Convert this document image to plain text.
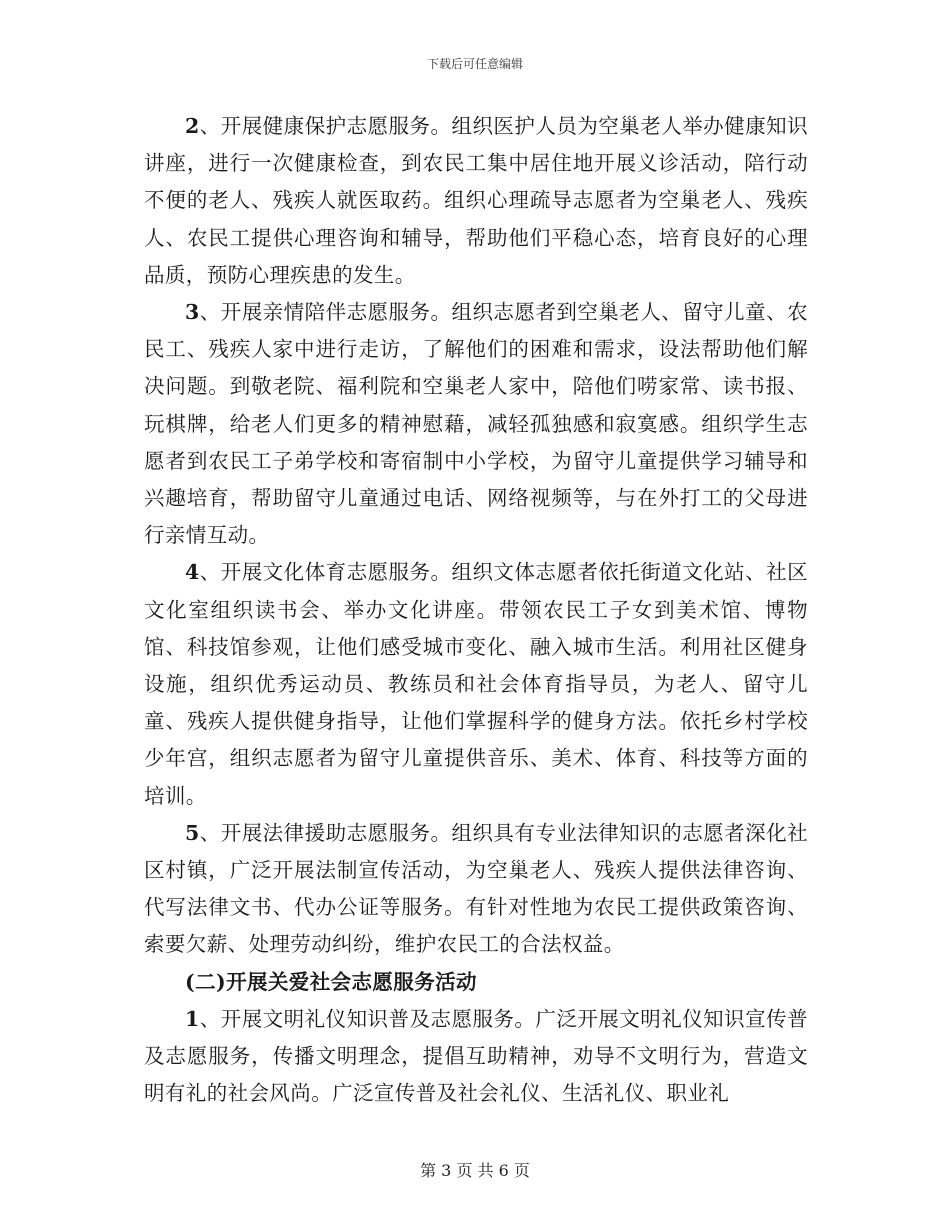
下载后可任意编辑

2、开展健康保护志愿服务。组织医护人员为空巢老人举办健康知识讲座，进行一次健康检查，到农民工集中居住地开展义诊活动，陪行动不便的老人、残疾人就医取药。组织心理疏导志愿者为空巢老人、残疾人、农民工提供心理咨询和辅导，帮助他们平稳心态，培育良好的心理品质，预防心理疾患的发生。

3、开展亲情陪伴志愿服务。组织志愿者到空巢老人、留守儿童、农民工、残疾人家中进行走访，了解他们的困难和需求，设法帮助他们解决问题。到敬老院、福利院和空巢老人家中，陪他们唠家常、读书报、玩棋牌，给老人们更多的精神慰藉，减轻孤独感和寂寞感。组织学生志愿者到农民工子弟学校和寄宿制中小学校，为留守儿童提供学习辅导和兴趣培育，帮助留守儿童通过电话、网络视频等，与在外打工的父母进行亲情互动。

4、开展文化体育志愿服务。组织文体志愿者依托街道文化站、社区文化室组织读书会、举办文化讲座。带领农民工子女到美术馆、博物馆、科技馆参观，让他们感受城市变化、融入城市生活。利用社区健身设施，组织优秀运动员、教练员和社会体育指导员，为老人、留守儿童、残疾人提供健身指导，让他们掌握科学的健身方法。依托乡村学校少年宫，组织志愿者为留守儿童提供音乐、美术、体育、科技等方面的培训。

5、开展法律援助志愿服务。组织具有专业法律知识的志愿者深化社区村镇，广泛开展法制宣传活动，为空巢老人、残疾人提供法律咨询、代写法律文书、代办公证等服务。有针对性地为农民工提供政策咨询、索要欠薪、处理劳动纠纷，维护农民工的合法权益。

(二)开展关爱社会志愿服务活动

1、开展文明礼仪知识普及志愿服务。广泛开展文明礼仪知识宣传普及志愿服务，传播文明理念，提倡互助精神，劝导不文明行为，营造文明有礼的社会风尚。广泛宣传普及社会礼仪、生活礼仪、职业礼

第 3 页 共 6 页
